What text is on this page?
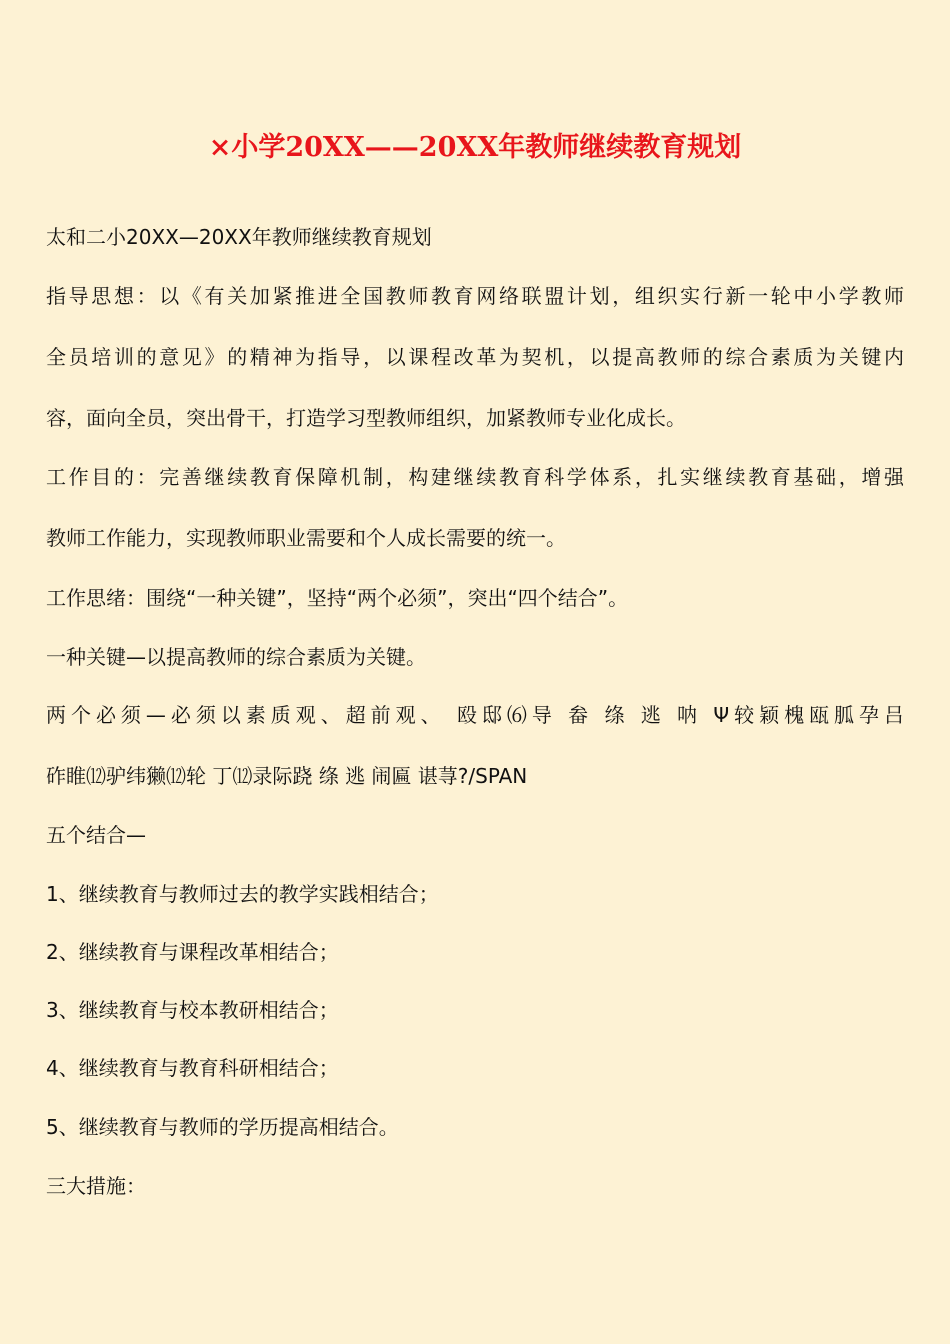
×小学20XX——20XX年教师继续教育规划
太和二小20XX—20XX年教师继续教育规划
指导思想：以《有关加紧推进全国教师教育网络联盟计划，组织实行新一轮中小学教师
全员培训的意见》的精神为指导，以课程改革为契机，以提高教师的综合素质为关键内
容，面向全员，突出骨干，打造学习型教师组织，加紧教师专业化成长。
工作目的：完善继续教育保障机制，构建继续教育科学体系，扎实继续教育基础，增强
教师工作能力，实现教师职业需要和个人成长需要的统一。
工作思绪：围绕“一种关键”，坚持“两个必须”，突出“四个结合”。
一种关键—以提高教师的综合素质为关键。
两个必须—必须以素质观、超前观、 殴邸⑹导 畚 绦 逃 呐 Ψ较颖槐瓯胍孕吕
砟睢⑿驴纬獭⑿轮 丁⑿录际跷 绦 逃 闹匾 谌荨?/SPAN
五个结合—
1、继续教育与教师过去的教学实践相结合；
2、继续教育与课程改革相结合；
3、继续教育与校本教研相结合；
4、继续教育与教育科研相结合；
5、继续教育与教师的学历提高相结合。
三大措施：
